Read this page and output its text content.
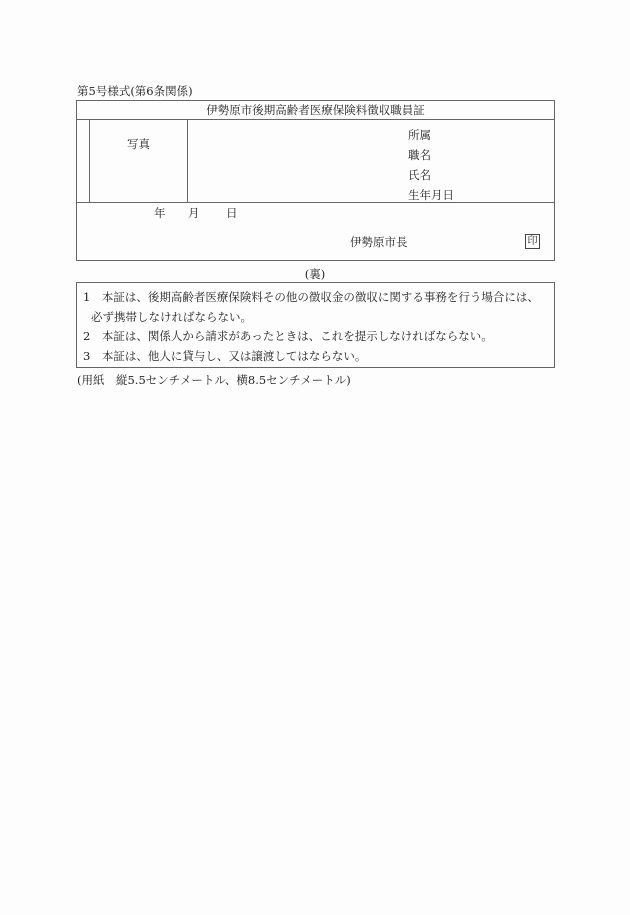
第5号様式(第6条関係)
伊勢原市後期高齢者医療保険料徴収職員証
写真
所属
職名
氏名
生年月日
年 月 日
伊勢原市長	印
(裏)
1　 本証は、後期高齢者医療保険料その他の徴収金の徴収に関する事務を行う場合には、
必ず携帯しなければならない。
2　 本証は、関係人から請求があったときは、これを提示しなければならない。
3　 本証は、他人に貸与し、又は譲渡してはならない。
(用紙　縦5.5センチメートル、横8.5センチメートル)
